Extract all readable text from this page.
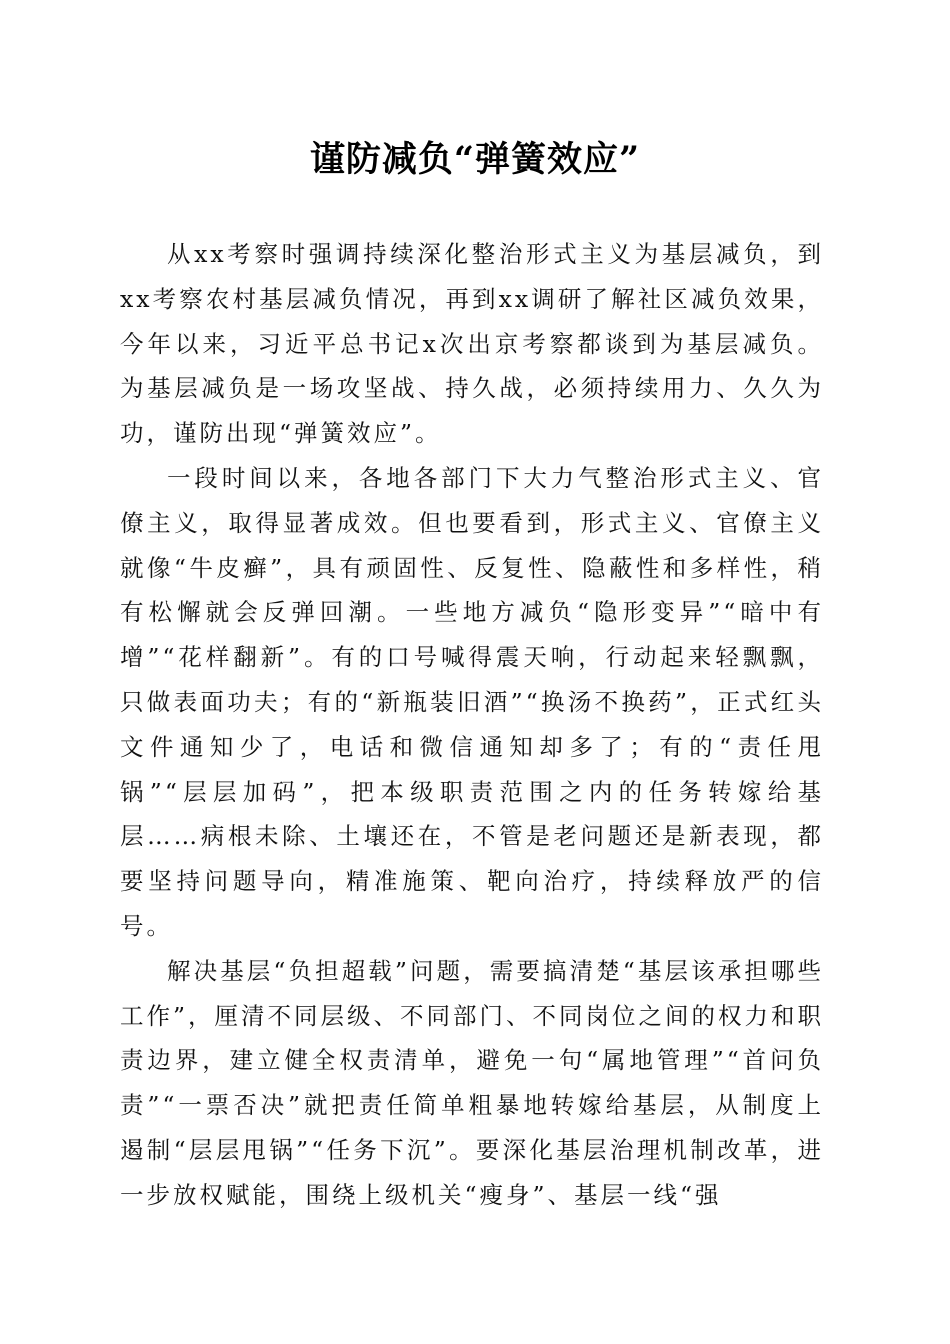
谨防减负“弹簧效应”

从xx考察时强调持续深化整治形式主义为基层减负，到xx考察农村基层减负情况，再到xx调研了解社区减负效果，今年以来，习近平总书记x次出京考察都谈到为基层减负。为基层减负是一场攻坚战、持久战，必须持续用力、久久为功，谨防出现“弹簧效应”。

一段时间以来，各地各部门下大力气整治形式主义、官僚主义，取得显著成效。但也要看到，形式主义、官僚主义就像“牛皮癣”，具有顽固性、反复性、隐蔽性和多样性，稍有松懈就会反弹回潮。一些地方减负“隐形变异”“暗中有增”“花样翻新”。有的口号喊得震天响，行动起来轻飘飘，只做表面功夫；有的“新瓶装旧酒”“换汤不换药”，正式红头文件通知少了，电话和微信通知却多了；有的“责任甩锅”“层层加码”，把本级职责范围之内的任务转嫁给基层……病根未除、土壤还在，不管是老问题还是新表现，都要坚持问题导向，精准施策、靶向治疗，持续释放严的信号。

解决基层“负担超载”问题，需要搞清楚“基层该承担哪些工作”，厘清不同层级、不同部门、不同岗位之间的权力和职责边界，建立健全权责清单，避免一句“属地管理”“首问负责”“一票否决”就把责任简单粗暴地转嫁给基层，从制度上遏制“层层甩锅”“任务下沉”。要深化基层治理机制改革，进一步放权赋能，围绕上级机关“瘦身”、基层一线“强
